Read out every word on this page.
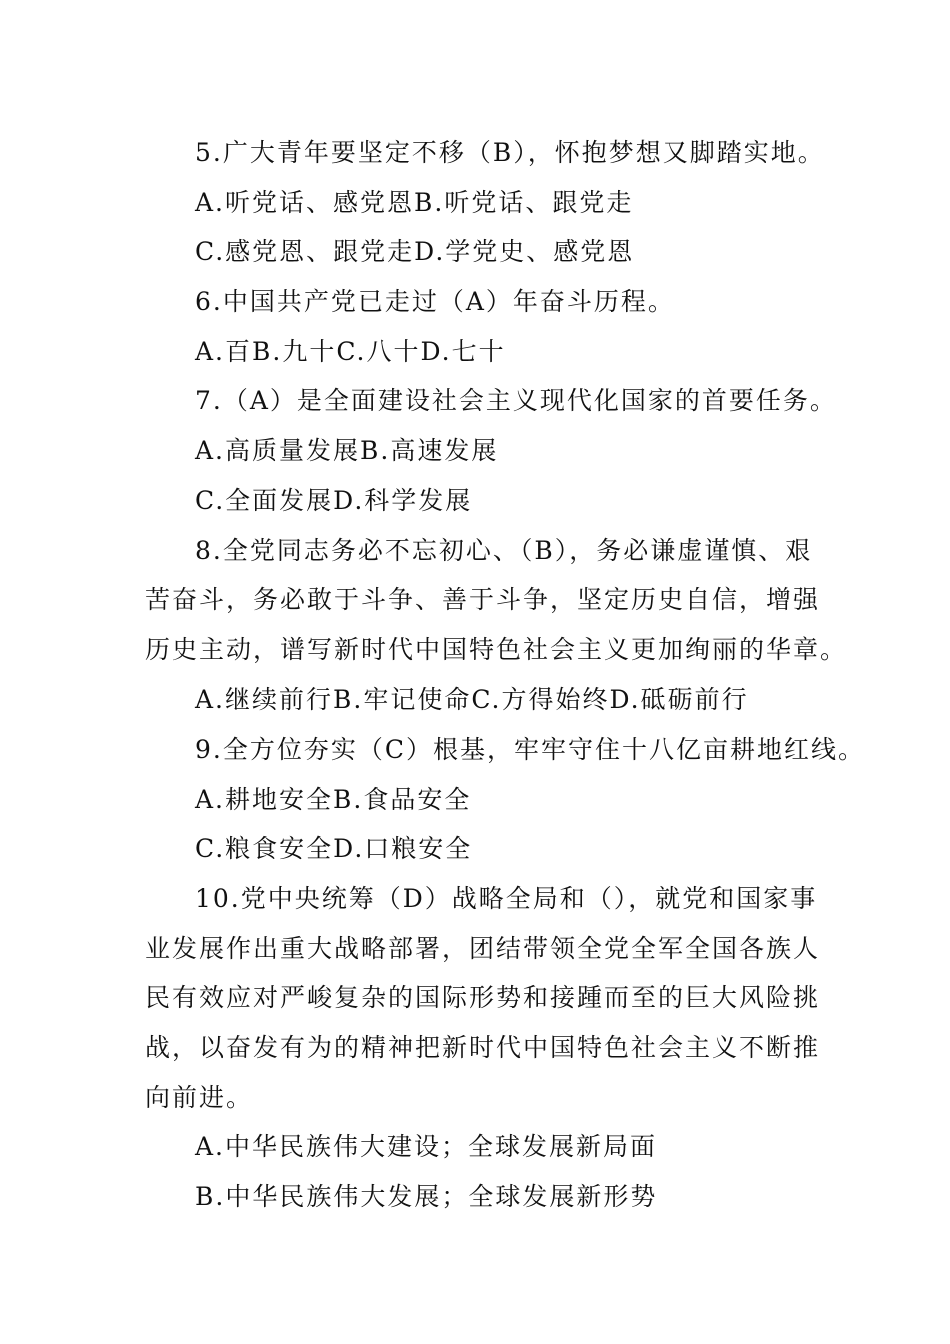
5.广大青年要坚定不移（B），怀抱梦想又脚踏实地。
A.听党话、感党恩B.听党话、跟党走
C.感党恩、跟党走D.学党史、感党恩
6.中国共产党已走过（A）年奋斗历程。
A.百B.九十C.八十D.七十
7.（A）是全面建设社会主义现代化国家的首要任务。
A.高质量发展B.高速发展
C.全面发展D.科学发展
8.全党同志务必不忘初心、（B），务必谦虚谨慎、艰
苦奋斗，务必敢于斗争、善于斗争，坚定历史自信，增强
历史主动，谱写新时代中国特色社会主义更加绚丽的华章。
A.继续前行B.牢记使命C.方得始终D.砥砺前行
9.全方位夯实（C）根基，牢牢守住十八亿亩耕地红线。
A.耕地安全B.食品安全
C.粮食安全D.口粮安全
10.党中央统筹（D）战略全局和（），就党和国家事
业发展作出重大战略部署，团结带领全党全军全国各族人
民有效应对严峻复杂的国际形势和接踵而至的巨大风险挑
战，以奋发有为的精神把新时代中国特色社会主义不断推
向前进。
A.中华民族伟大建设；全球发展新局面
B.中华民族伟大发展；全球发展新形势
